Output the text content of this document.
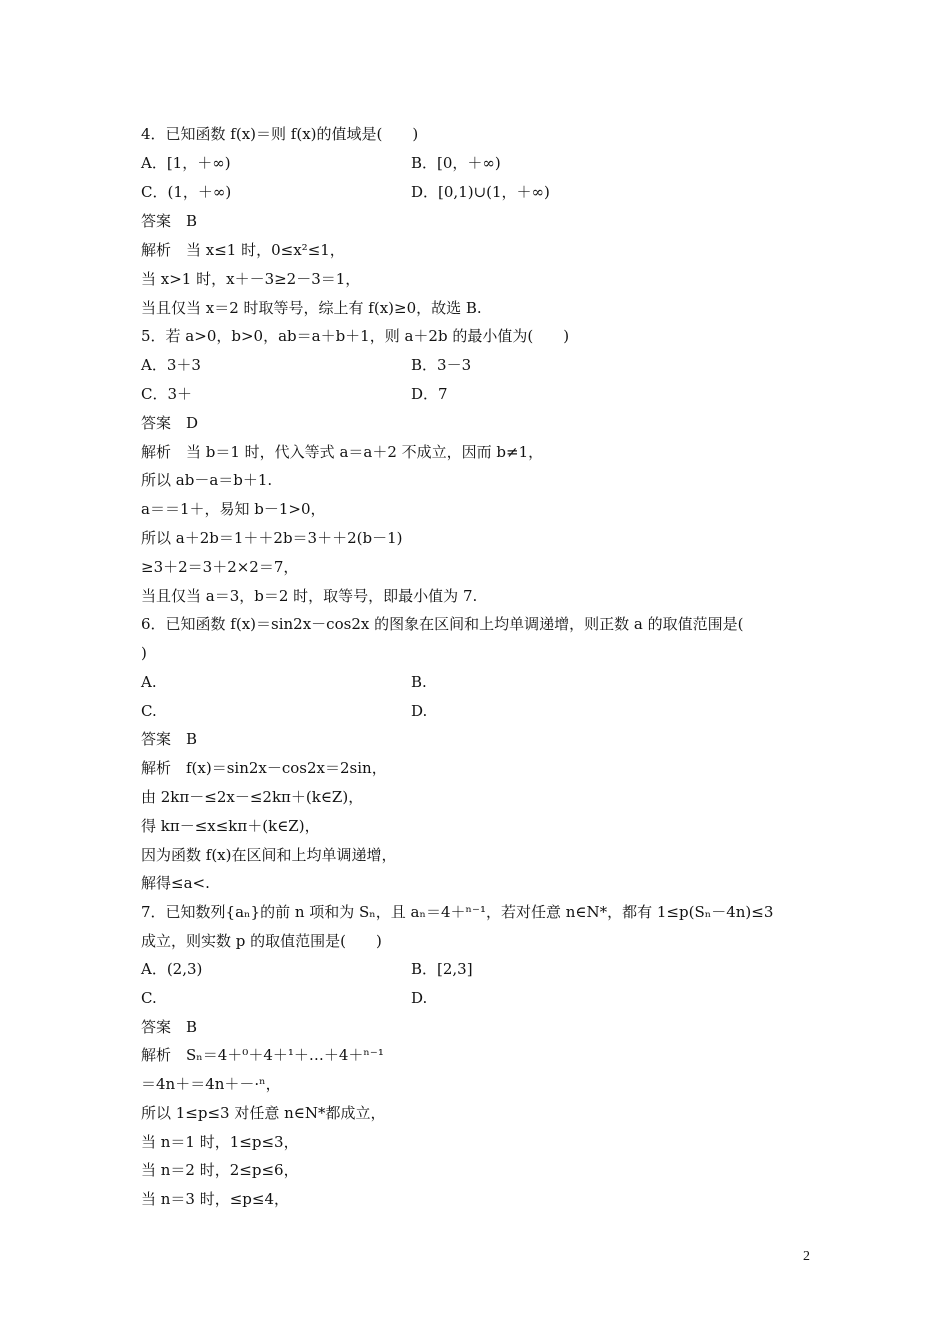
4．已知函数 f(x)＝则 f(x)的值域是(　　)
A．[1，＋∞)	B．[0，＋∞)
C．(1，＋∞)	D．[0,1)∪(1，＋∞)
答案　B
解析　当 x≤1 时，0≤x²≤1，
当 x>1 时，x＋－3≥2－3＝1，
当且仅当 x＝2 时取等号，综上有 f(x)≥0，故选 B.
5．若 a>0，b>0，ab＝a＋b＋1，则 a＋2b 的最小值为(　　)
A．3＋3	B．3－3
C．3＋	D．7
答案　D
解析　当 b＝1 时，代入等式 a＝a＋2 不成立，因而 b≠1，
所以 ab－a＝b＋1.
a＝＝1＋，易知 b－1>0，
所以 a＋2b＝1＋＋2b＝3＋＋2(b－1)
≥3＋2＝3＋2×2＝7，
当且仅当 a＝3，b＝2 时，取等号，即最小值为 7.
6．已知函数 f(x)＝sin2x－cos2x 的图象在区间和上均单调递增，则正数 a 的取值范围是(
)
A.	B.
C.	D.
答案　B
解析　f(x)＝sin2x－cos2x＝2sin，
由 2kπ－≤2x－≤2kπ＋(k∈Z)，
得 kπ－≤x≤kπ＋(k∈Z)，
因为函数 f(x)在区间和上均单调递增，
解得≤a<.
7．已知数列{aₙ}的前 n 项和为 Sₙ，且 aₙ＝4＋ⁿ⁻¹，若对任意 n∈N*，都有 1≤p(Sₙ－4n)≤3
成立，则实数 p 的取值范围是(　　)
A．(2,3)	B．[2,3]
C.	D.
答案　B
解析　Sₙ＝4＋⁰＋4＋¹＋…＋4＋ⁿ⁻¹
＝4n＋＝4n＋－·ⁿ，
所以 1≤p≤3 对任意 n∈N*都成立，
当 n＝1 时，1≤p≤3，
当 n＝2 时，2≤p≤6，
当 n＝3 时，≤p≤4，
2
